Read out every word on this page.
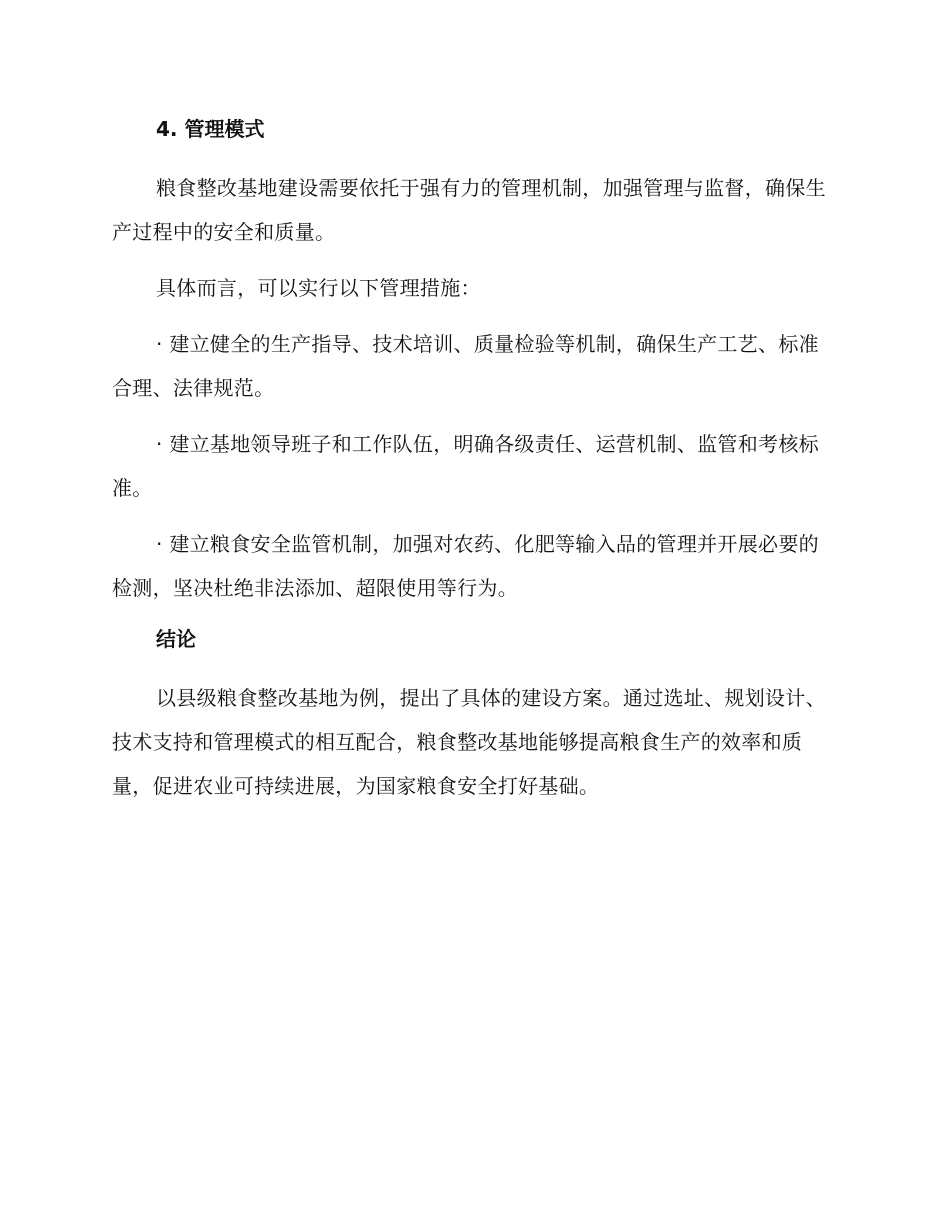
4. 管理模式

粮食整改基地建设需要依托于强有力的管理机制，加强管理与监督，确保生产过程中的安全和质量。

具体而言，可以实行以下管理措施：

· 建立健全的生产指导、技术培训、质量检验等机制，确保生产工艺、标准合理、法律规范。

· 建立基地领导班子和工作队伍，明确各级责任、运营机制、监管和考核标准。

· 建立粮食安全监管机制，加强对农药、化肥等输入品的管理并开展必要的检测，坚决杜绝非法添加、超限使用等行为。

结论

以县级粮食整改基地为例，提出了具体的建设方案。通过选址、规划设计、技术支持和管理模式的相互配合，粮食整改基地能够提高粮食生产的效率和质量，促进农业可持续进展，为国家粮食安全打好基础。
